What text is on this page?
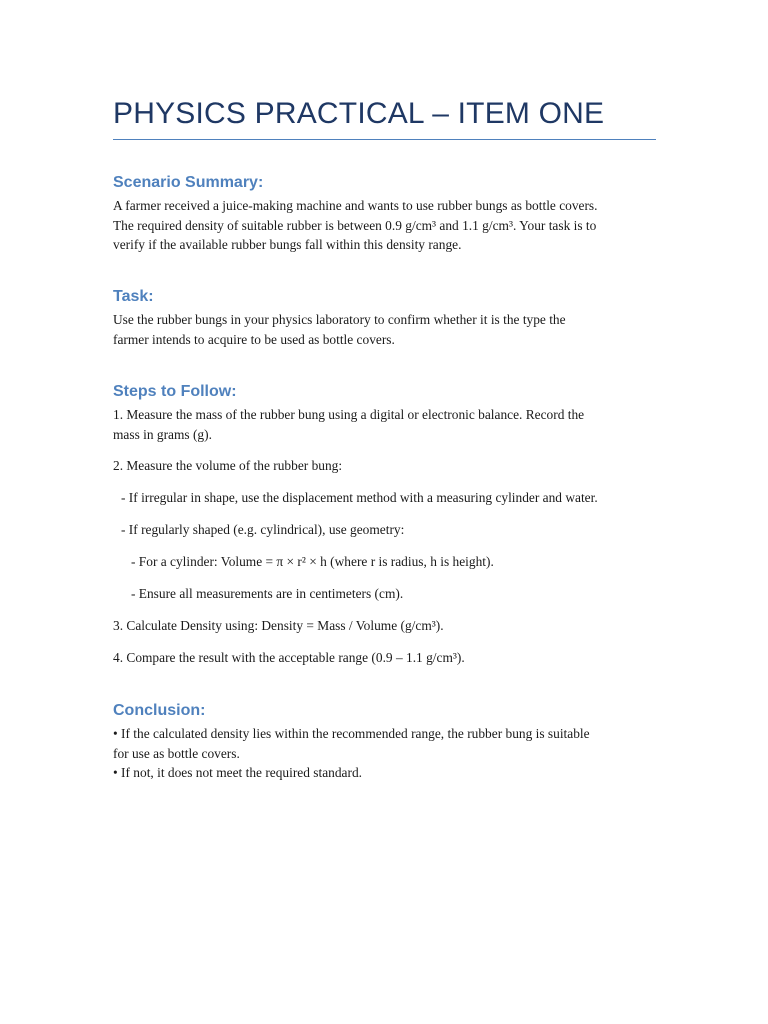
PHYSICS PRACTICAL – ITEM ONE
Scenario Summary:
A farmer received a juice-making machine and wants to use rubber bungs as bottle covers.
The required density of suitable rubber is between 0.9 g/cm³ and 1.1 g/cm³. Your task is to
verify if the available rubber bungs fall within this density range.
Task:
Use the rubber bungs in your physics laboratory to confirm whether it is the type the
farmer intends to acquire to be used as bottle covers.
Steps to Follow:
1. Measure the mass of the rubber bung using a digital or electronic balance. Record the
mass in grams (g).
2. Measure the volume of the rubber bung:
- If irregular in shape, use the displacement method with a measuring cylinder and water.
- If regularly shaped (e.g. cylindrical), use geometry:
- For a cylinder: Volume = π × r² × h (where r is radius, h is height).
- Ensure all measurements are in centimeters (cm).
3. Calculate Density using: Density = Mass / Volume (g/cm³).
4. Compare the result with the acceptable range (0.9 – 1.1 g/cm³).
Conclusion:
• If the calculated density lies within the recommended range, the rubber bung is suitable
for use as bottle covers.
• If not, it does not meet the required standard.
